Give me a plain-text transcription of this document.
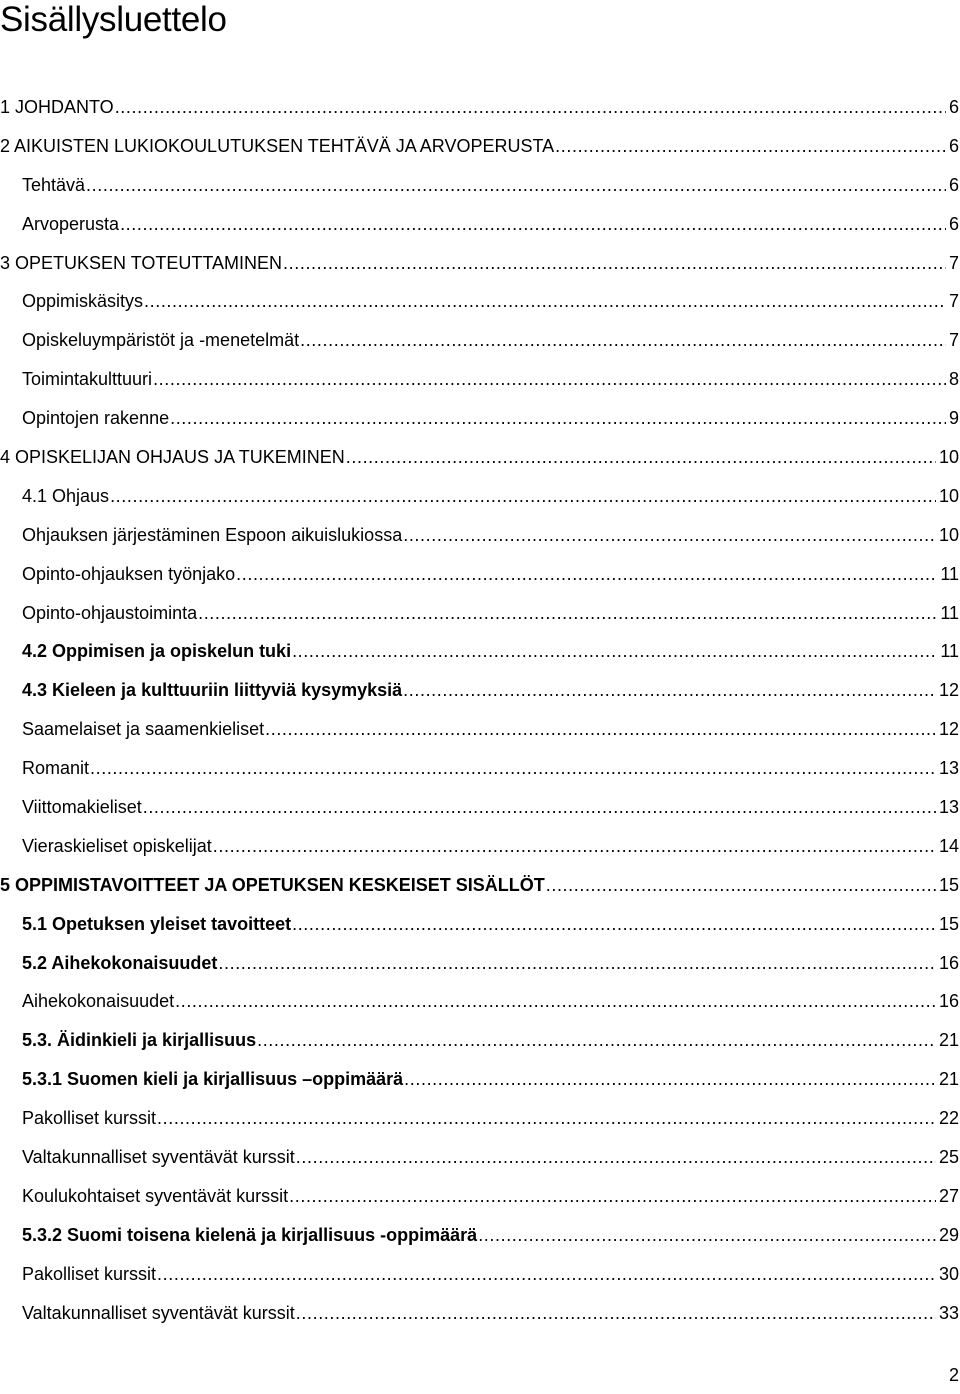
Sisällysluettelo
1 JOHDANTO .....	6
2 AIKUISTEN LUKIOKOULUTUKSEN TEHTÄVÄ JA ARVOPERUSTA .....	6
Tehtävä .....	6
Arvoperusta .....	6
3 OPETUKSEN TOTEUTTAMINEN .....	7
Oppimiskäsitys .....	7
Opiskeluympäristöt ja -menetelmät .....	7
Toimintakulttuuri .....	8
Opintojen rakenne .....	9
4 OPISKELIJAN OHJAUS JA TUKEMINEN .....	10
4.1 Ohjaus .....	10
Ohjauksen järjestäminen Espoon aikuislukiossa .....	10
Opinto-ohjauksen työnjako .....	11
Opinto-ohjaustoiminta .....	11
4.2 Oppimisen ja opiskelun tuki .....	11
4.3 Kieleen ja kulttuuriin liittyviä kysymyksiä .....	12
Saamelaiset ja saamenkieliset .....	12
Romanit .....	13
Viittomakieliset .....	13
Vieraskieliset opiskelijat .....	14
5 OPPIMISTAVOITTEET JA OPETUKSEN KESKEISET SISÄLLÖT .....	15
5.1 Opetuksen yleiset tavoitteet .....	15
5.2 Aihekokonaisuudet .....	16
Aihekokonaisuudet .....	16
5.3. Äidinkieli ja kirjallisuus .....	21
5.3.1 Suomen kieli ja kirjallisuus –oppimäärä .....	21
Pakolliset kurssit .....	22
Valtakunnalliset syventävät kurssit .....	25
Koulukohtaiset syventävät kurssit .....	27
5.3.2 Suomi toisena kielenä ja kirjallisuus -oppimäärä .....	29
Pakolliset kurssit .....	30
Valtakunnalliset syventävät kurssit .....	33
2
